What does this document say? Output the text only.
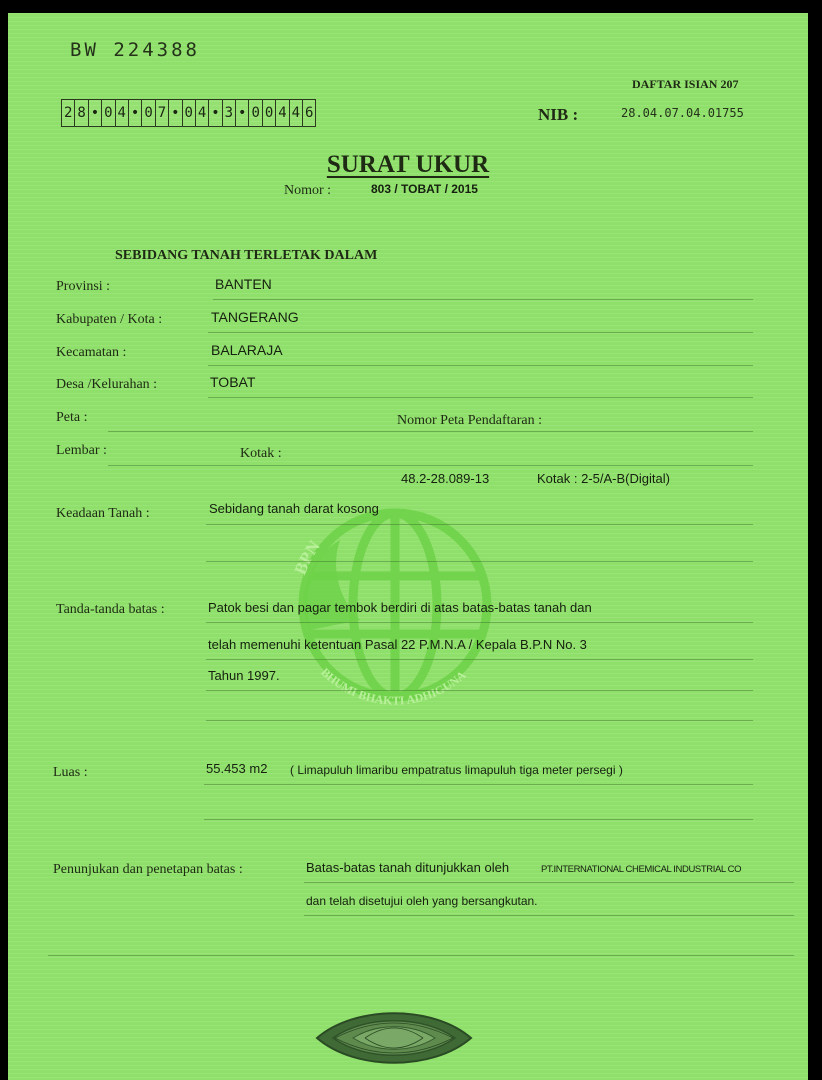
BW 224388
2 8 • 0 4 • 0 7 • 0 4 • 3 • 0 0 4 4 6
DAFTAR ISIAN 207
NIB :	28.04.07.04.01755
SURAT UKUR
Nomor :	803 / TOBAT / 2015
SEBIDANG TANAH TERLETAK DALAM
BPN
BHUMI BHAKTI ADHIGUNA
Provinsi :	BANTEN
Kabupaten / Kota :	TANGERANG
Kecamatan :	BALARAJA
Desa /Kelurahan :	TOBAT
Peta :	Nomor Peta Pendaftaran :
Lembar :	Kotak :
48.2-28.089-13	Kotak : 2-5/A-B(Digital)
Keadaan Tanah :	Sebidang tanah darat kosong
Tanda-tanda batas :	Patok besi dan pagar tembok berdiri di atas batas-batas tanah dan
telah memenuhi ketentuan Pasal 22 P.M.N.A / Kepala B.P.N No. 3
Tahun 1997.
Luas :	55.453 m2 ( Limapuluh limaribu empatratus limapuluh tiga meter persegi )
Penunjukan dan penetapan batas :	Batas-batas tanah ditunjukkan oleh	PT.INTERNATIONAL CHEMICAL INDUSTRIAL CO
dan telah disetujui oleh yang bersangkutan.
